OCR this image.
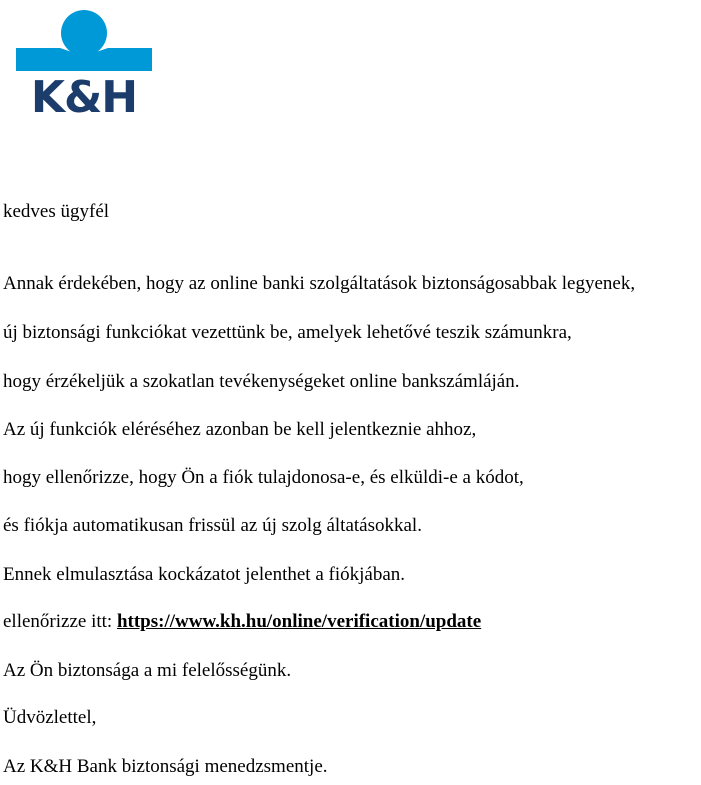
K&H
kedves ügyfél
Annak érdekében, hogy az online banki szolgáltatások biztonságosabbak legyenek,
új biztonsági funkciókat vezettünk be, amelyek lehetővé teszik számunkra,
hogy érzékeljük a szokatlan tevékenységeket online bankszámláján.
Az új funkciók eléréséhez azonban be kell jelentkeznie ahhoz,
hogy ellenőrizze, hogy Ön a fiók tulajdonosa-e, és elküldi-e a kódot,
és fiókja automatikusan frissül az új szolg áltatásokkal.
Ennek elmulasztása kockázatot jelenthet a fiókjában.
ellenőrizze itt: https://www.kh.hu/online/verification/update
Az Ön biztonsága a mi felelősségünk.
Üdvözlettel,
Az K&H Bank biztonsági menedzsmentje.
